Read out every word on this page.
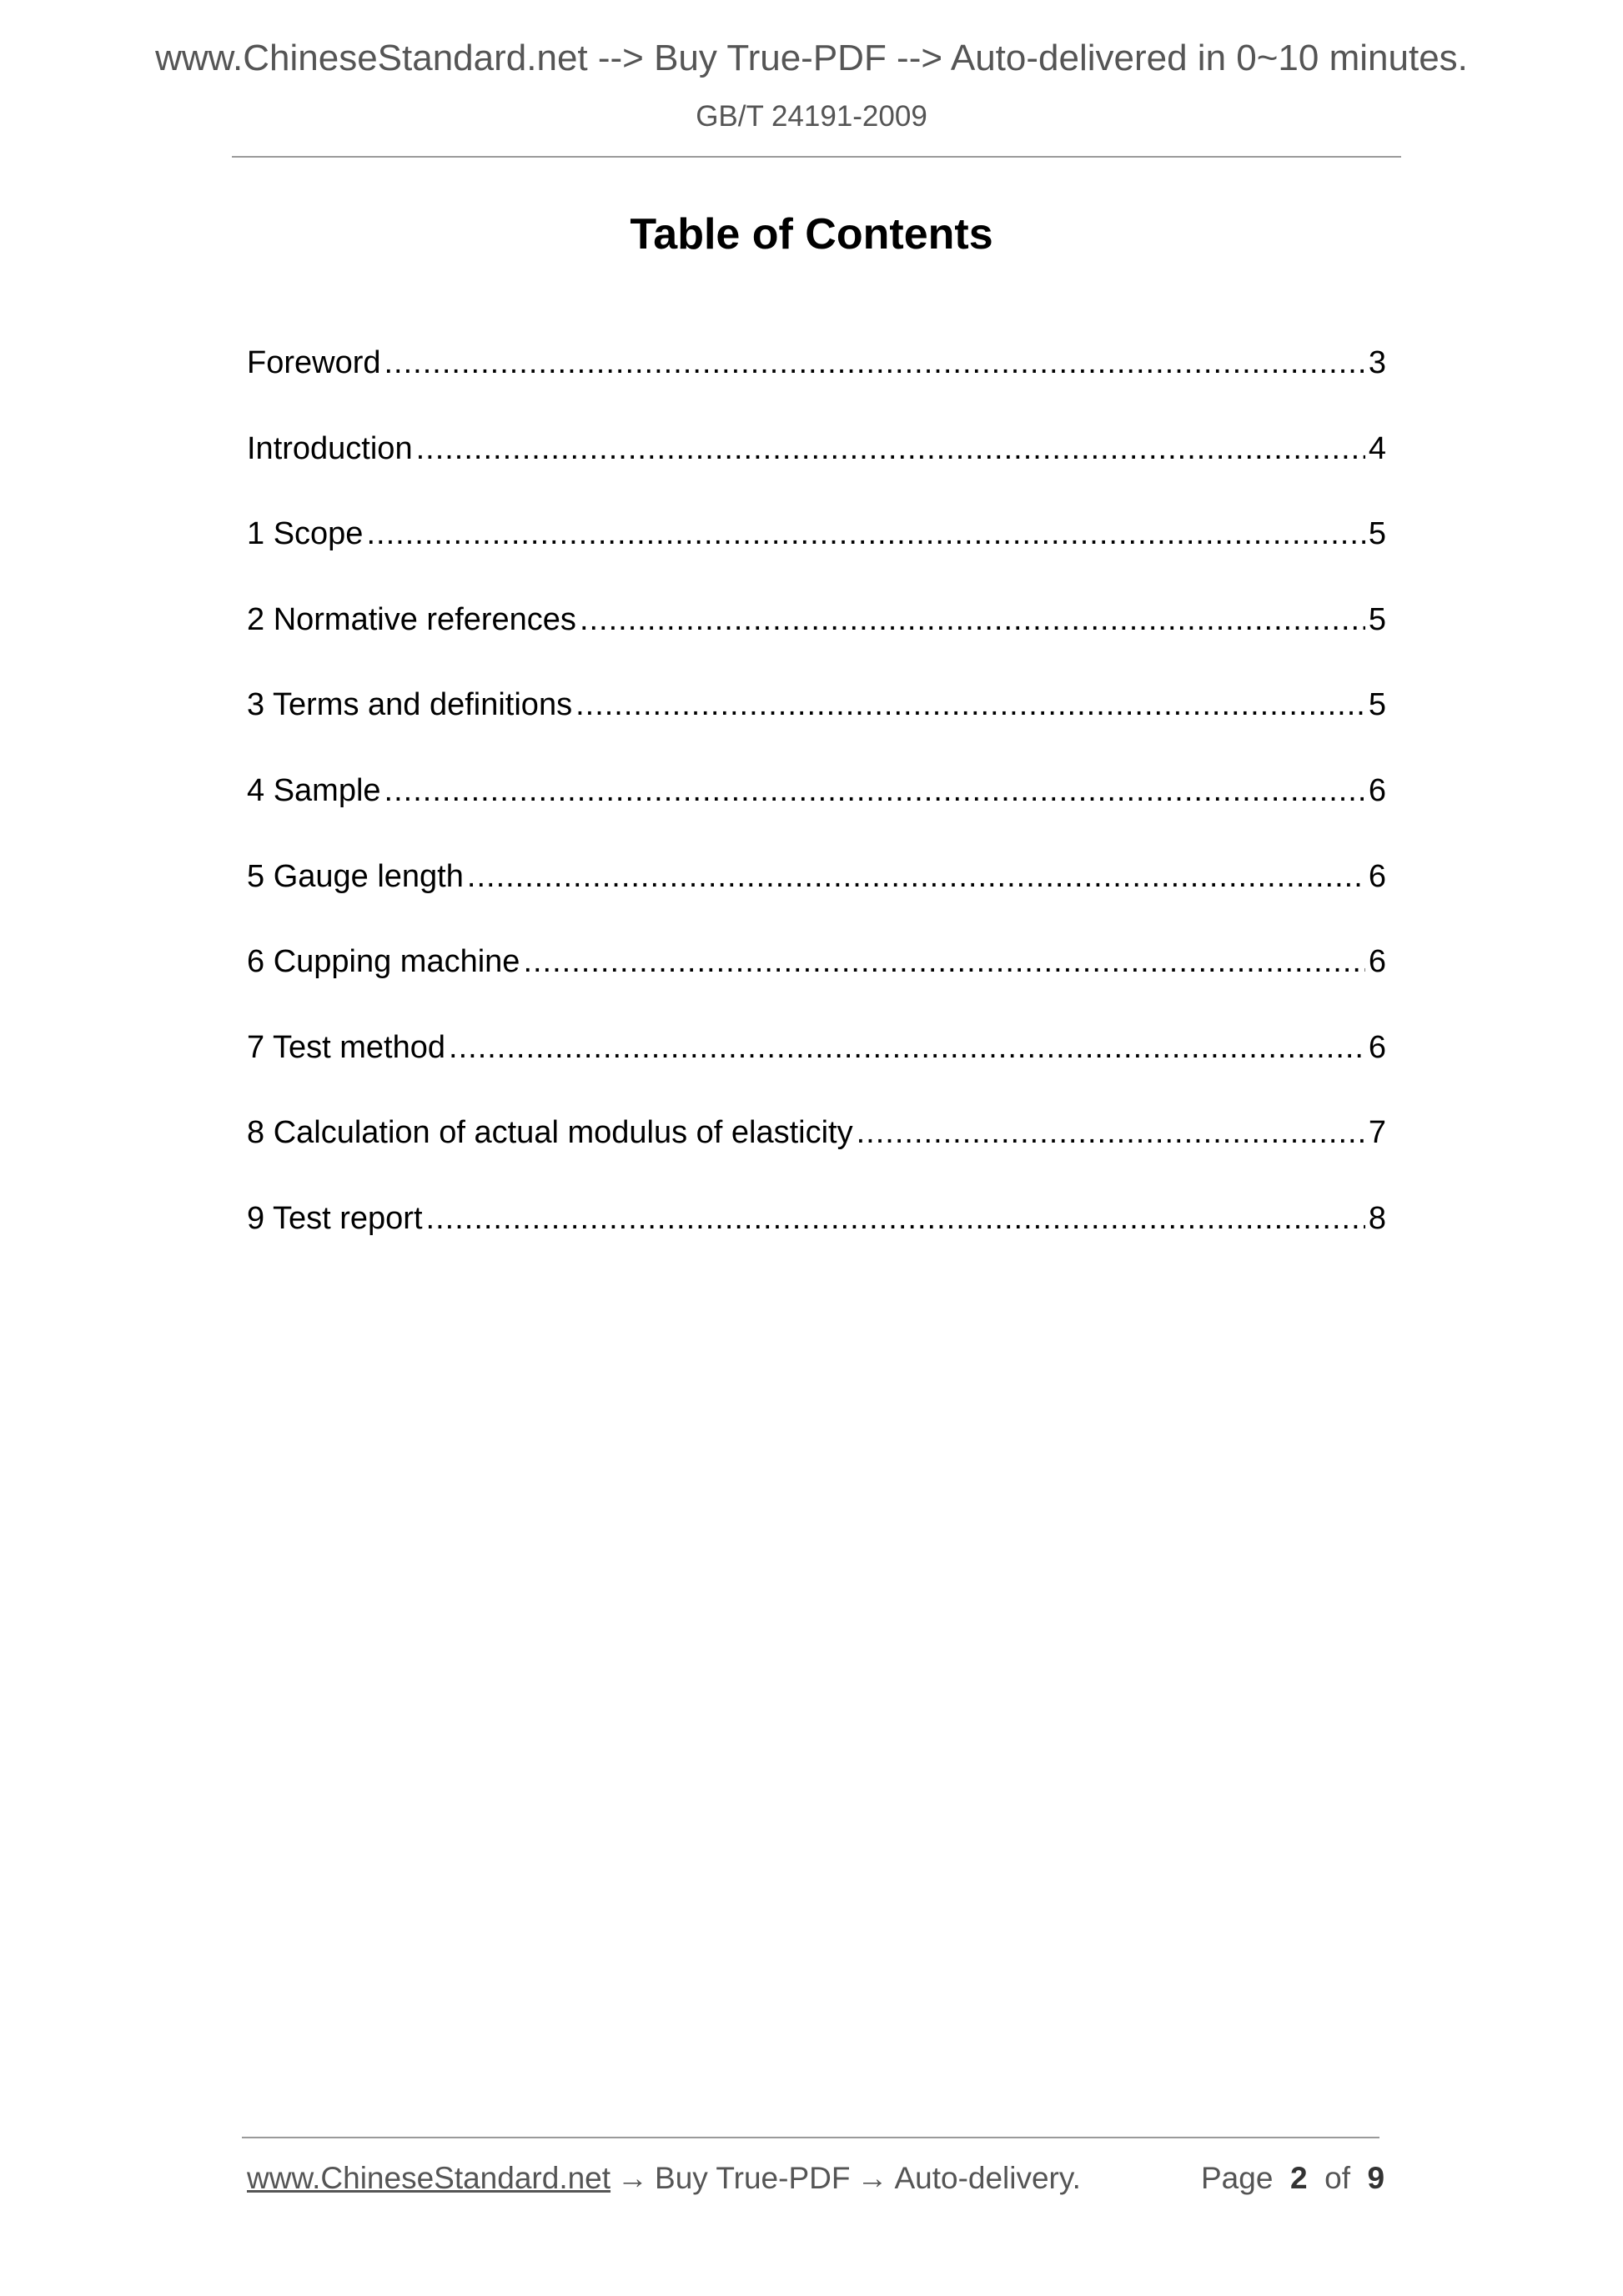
www.ChineseStandard.net --> Buy True-PDF --> Auto-delivered in 0~10 minutes.
GB/T 24191-2009
Table of Contents
Foreword .....	3
Introduction .....	4
1 Scope .....	5
2 Normative references .....	5
3 Terms and definitions .....	5
4 Sample .....	6
5 Gauge length .....	6
6 Cupping machine .....	6
7 Test method .....	6
8 Calculation of actual modulus of elasticity .....	7
9 Test report .....	8
www.ChineseStandard.net → Buy True-PDF → Auto-delivery.	Page 2 of 9
